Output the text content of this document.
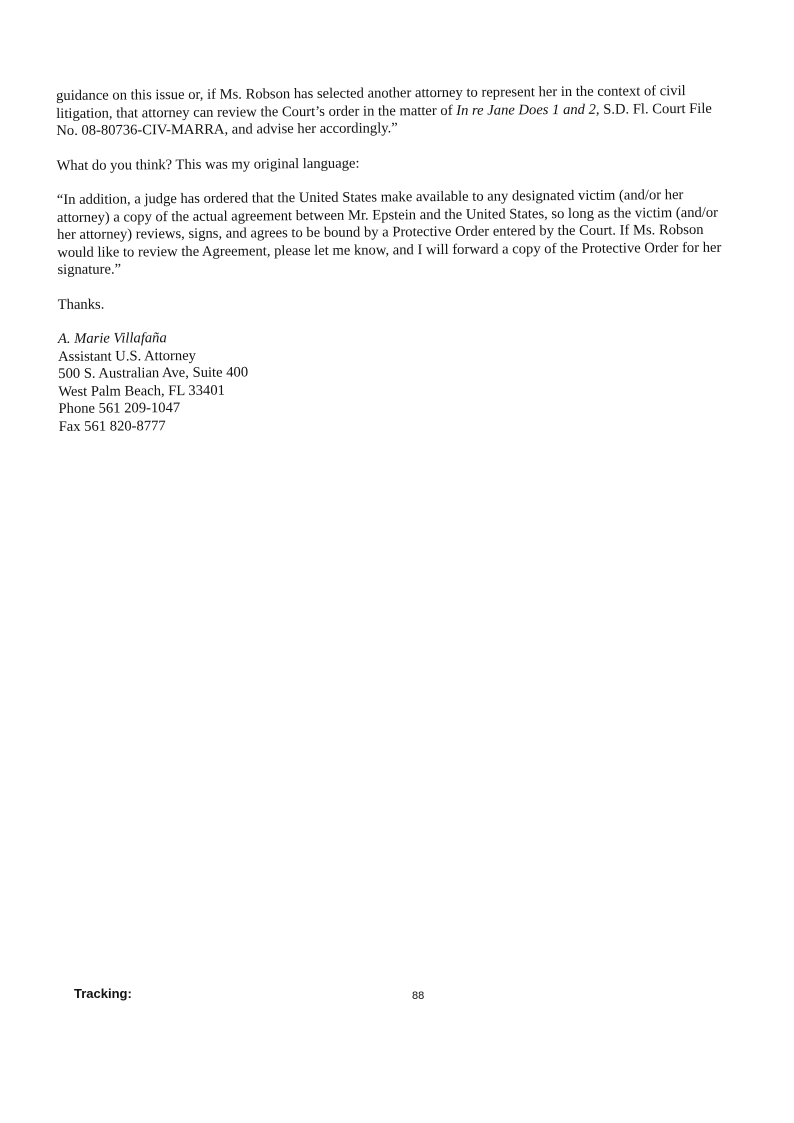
guidance on this issue or, if Ms. Robson has selected another attorney to represent her in the context of civil litigation, that attorney can review the Court’s order in the matter of In re Jane Does 1 and 2, S.D. Fl. Court File No. 08-80736-CIV-MARRA, and advise her accordingly.”

What do you think? This was my original language:

“In addition, a judge has ordered that the United States make available to any designated victim (and/or her attorney) a copy of the actual agreement between Mr. Epstein and the United States, so long as the victim (and/or her attorney) reviews, signs, and agrees to be bound by a Protective Order entered by the Court. If Ms. Robson would like to review the Agreement, please let me know, and I will forward a copy of the Protective Order for her signature.”

Thanks.

A. Marie Villafaña
Assistant U.S. Attorney
500 S. Australian Ave, Suite 400
West Palm Beach, FL 33401
Phone 561 209-1047
Fax 561 820-8777
Tracking:	88
